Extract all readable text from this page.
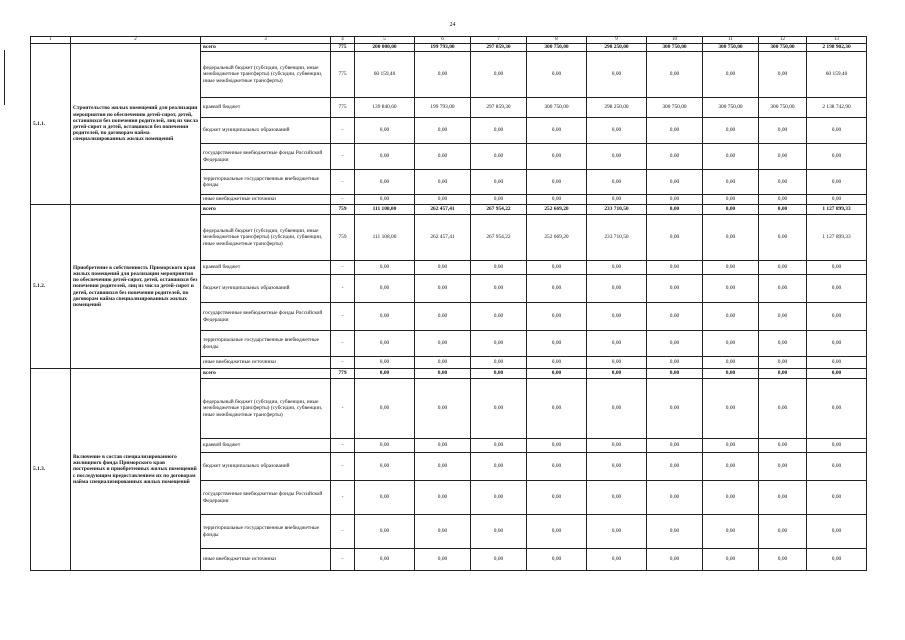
24
1	2	3	4	5	6	7	8	9	10	11	12	13
5.1.1.	Строительство жилых помещений для реализации мероприятия по обеспечению детей-сирот, детей, оставшихся без попечения родителей, лиц из числа детей-сирот и детей, оставшихся без попечения родителей, по договорам найма специализированных жилых помещений	всего	775	200 000,00	199 793,00	297 859,30	300 750,00	298 250,00	300 750,00	300 750,00	300 750,00	2 198 902,30
		федеральный бюджет (субсидии, субвенции, иные межбюджетные трансферты) (субсидии, субвенции, иные межбюджетные трансферты)	775	60 159,40	0,00	0,00	0,00	0,00	0,00	0,00	0,00	60 159,40
		краевой бюджет	775	139 840,60	199 793,00	297 859,30	300 750,00	298 250,00	300 750,00	300 750,00	300 750,00	2 138 742,90
		бюджет муниципальных образований	-	0,00	0,00	0,00	0,00	0,00	0,00	0,00	0,00	0,00
		государственные внебюджетные фонды Российской Федерации	-	0,00	0,00	0,00	0,00	0,00	0,00	0,00	0,00	0,00
		территориальные государственные внебюджетные фонды	-	0,00	0,00	0,00	0,00	0,00	0,00	0,00	0,00	0,00
		иные внебюджетные источники	-	0,00	0,00	0,00	0,00	0,00	0,00	0,00	0,00	0,00
5.1.2.	Приобретение в собственность Приморского края жилых помещений для реализации мероприятия по обеспечению детей-сирот, детей, оставшихся без попечения родителей, лиц из числа детей-сирот и детей, оставшихся без попечения родителей, по договорам найма специализированных жилых помещений	всего	759	111 108,00	262 457,41	267 954,22	252 669,20	233 710,50	0,00	0,00	0,00	1 127 899,33
		федеральный бюджет (субсидии, субвенции, иные межбюджетные трансферты) (субсидии, субвенции, иные межбюджетные трансферты)	759	111 108,00	262 457,41	267 954,22	252 669,20	233 710,50	0,00	0,00	0,00	1 127 899,33
		краевой бюджет	-	0,00	0,00	0,00	0,00	0,00	0,00	0,00	0,00	0,00
		бюджет муниципальных образований	-	0,00	0,00	0,00	0,00	0,00	0,00	0,00	0,00	0,00
		государственные внебюджетные фонды Российской Федерации	-	0,00	0,00	0,00	0,00	0,00	0,00	0,00	0,00	0,00
		территориальные государственные внебюджетные фонды	-	0,00	0,00	0,00	0,00	0,00	0,00	0,00	0,00	0,00
		иные внебюджетные источники	-	0,00	0,00	0,00	0,00	0,00	0,00	0,00	0,00	0,00
5.1.3.	Включение в состав специализированного жилищного фонда Приморского края построенных и приобретенных жилых помещений с последующим предоставлением их по договорам найма специализированных жилых помещений	всего	779	0,00	0,00	0,00	0,00	0,00	0,00	0,00	0,00	0,00
		федеральный бюджет (субсидии, субвенции, иные межбюджетные трансферты) (субсидии, субвенции, иные межбюджетные трансферты)	-	0,00	0,00	0,00	0,00	0,00	0,00	0,00	0,00	0,00
		краевой бюджет	-	0,00	0,00	0,00	0,00	0,00	0,00	0,00	0,00	0,00
		бюджет муниципальных образований	-	0,00	0,00	0,00	0,00	0,00	0,00	0,00	0,00	0,00
		государственные внебюджетные фонды Российской Федерации	-	0,00	0,00	0,00	0,00	0,00	0,00	0,00	0,00	0,00
		территориальные государственные внебюджетные фонды	-	0,00	0,00	0,00	0,00	0,00	0,00	0,00	0,00	0,00
		иные внебюджетные источники	-	0,00	0,00	0,00	0,00	0,00	0,00	0,00	0,00	0,00
